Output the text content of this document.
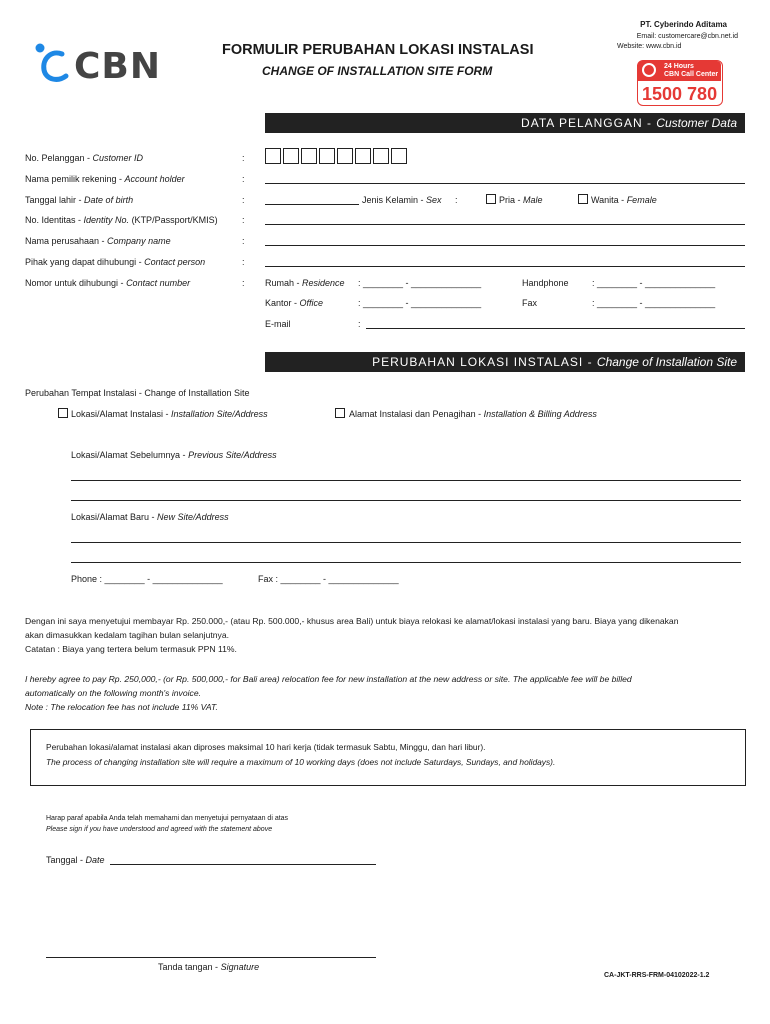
CBN	FORMULIR PERUBAHAN LOKASI INSTALASI
CHANGE OF INSTALLATION SITE FORM
PT. Cyberindo Aditama
Email: customercare@cbn.net.id
Website: www.cbn.id
24 Hours
CBN Call Center
1500 780
DATA PELANGGAN - Customer Data
No. Pelanggan - Customer ID	:
Nama pemilik rekening - Account holder	:
Tanggal lahir - Date of birth	:	Jenis Kelamin - Sex :	Pria - Male	Wanita - Female
No. Identitas - Identity No. (KTP/Passport/KMIS)	:
Nama perusahaan - Company name	:
Pihak yang dapat dihubungi - Contact person	:
Nomor untuk dihubungi - Contact number	: Rumah - Residence : ________ - ______________	Handphone	: ________ - ______________
Kantor - Office	: ________ - ______________	Fax	: ________ - ______________
E-mail	:
PERUBAHAN LOKASI INSTALASI - Change of Installation Site
Perubahan Tempat Instalasi - Change of Installation Site
Lokasi/Alamat Instalasi - Installation Site/Address	Alamat Instalasi dan Penagihan - Installation & Billing Address
Lokasi/Alamat Sebelumnya - Previous Site/Address
Lokasi/Alamat Baru - New Site/Address
Phone : ________ - ______________	Fax : ________ - ______________
Dengan ini saya menyetujui membayar Rp. 250.000,- (atau Rp. 500.000,- khusus area Bali) untuk biaya relokasi ke alamat/lokasi instalasi yang baru. Biaya yang dikenakan
akan dimasukkan kedalam tagihan bulan selanjutnya.
Catatan : Biaya yang tertera belum termasuk PPN 11%.
I hereby agree to pay Rp. 250,000,- (or Rp. 500,000,- for Bali area) relocation fee for new installation at the new address or site. The applicable fee will be billed
automatically on the following month's invoice.
Note : The relocation fee has not include 11% VAT.
Perubahan lokasi/alamat instalasi akan diproses maksimal 10 hari kerja (tidak termasuk Sabtu, Minggu, dan hari libur).
The process of changing installation site will require a maximum of 10 working days (does not include Saturdays, Sundays, and holidays).
Harap paraf apabila Anda telah memahami dan menyetujui pernyataan di atas
Please sign if you have understood and agreed with the statement above
Tanggal - Date
Tanda tangan - Signature
CA-JKT-RRS-FRM-04102022-1.2
